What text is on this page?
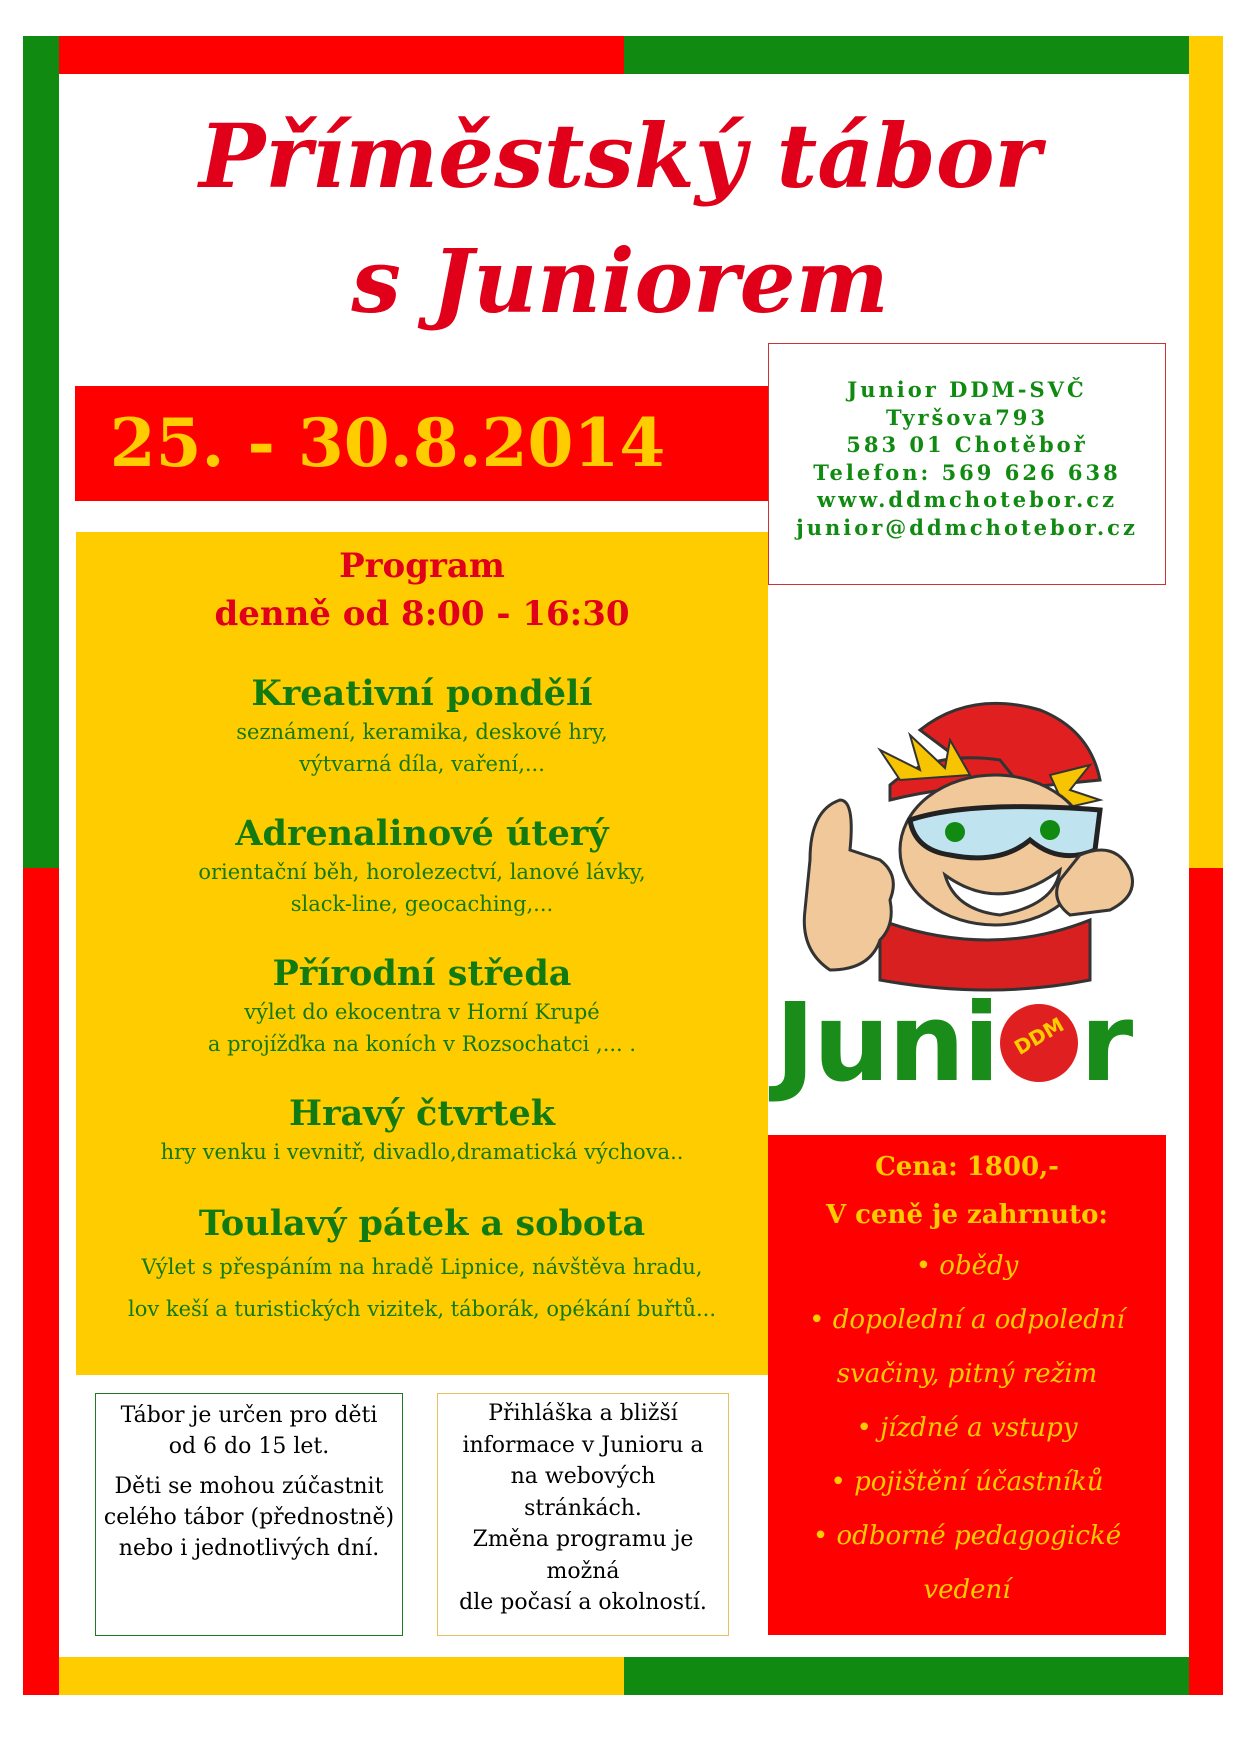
Příměstský tábor
s Juniorem
25. - 30.8.2014
Junior DDM-SVČ
Tyršova793
583 01 Chotěboř
Telefon: 569 626 638
www.ddmchotebor.cz
junior@ddmchotebor.cz
Program
denně od 8:00 - 16:30
Kreativní pondělí
seznámení, keramika, deskové hry,
výtvarná díla, vaření,...
Adrenalinové úterý
orientační běh, horolezectví, lanové lávky,
slack-line, geocaching,...
Přírodní středa
výlet do ekocentra v Horní Krupé
a projížďka na koních v Rozsochatci ,... .
Hravý čtvrtek
hry venku i vevnitř, divadlo,dramatická výchova..
Toulavý pátek a sobota
Výlet s přespáním na hradě Lipnice, návštěva hradu,
lov keší a turistických vizitek, táborák, opékání buřtů...
Tábor je určen pro děti
od 6 do 15 let.
Děti se mohou zúčastnit
celého tábor (přednostně)
nebo i jednotlivých dní.
Přihláška a bližší
informace v Junioru a
na webových
stránkách.
Změna programu je
možná
dle počasí a okolností.
Juni DDM r
Cena: 1800,-
V ceně je zahrnuto:
• obědy
• dopolední a odpolední
svačiny, pitný režim
• jízdné a vstupy
• pojištění účastníků
• odborné pedagogické
vedení
